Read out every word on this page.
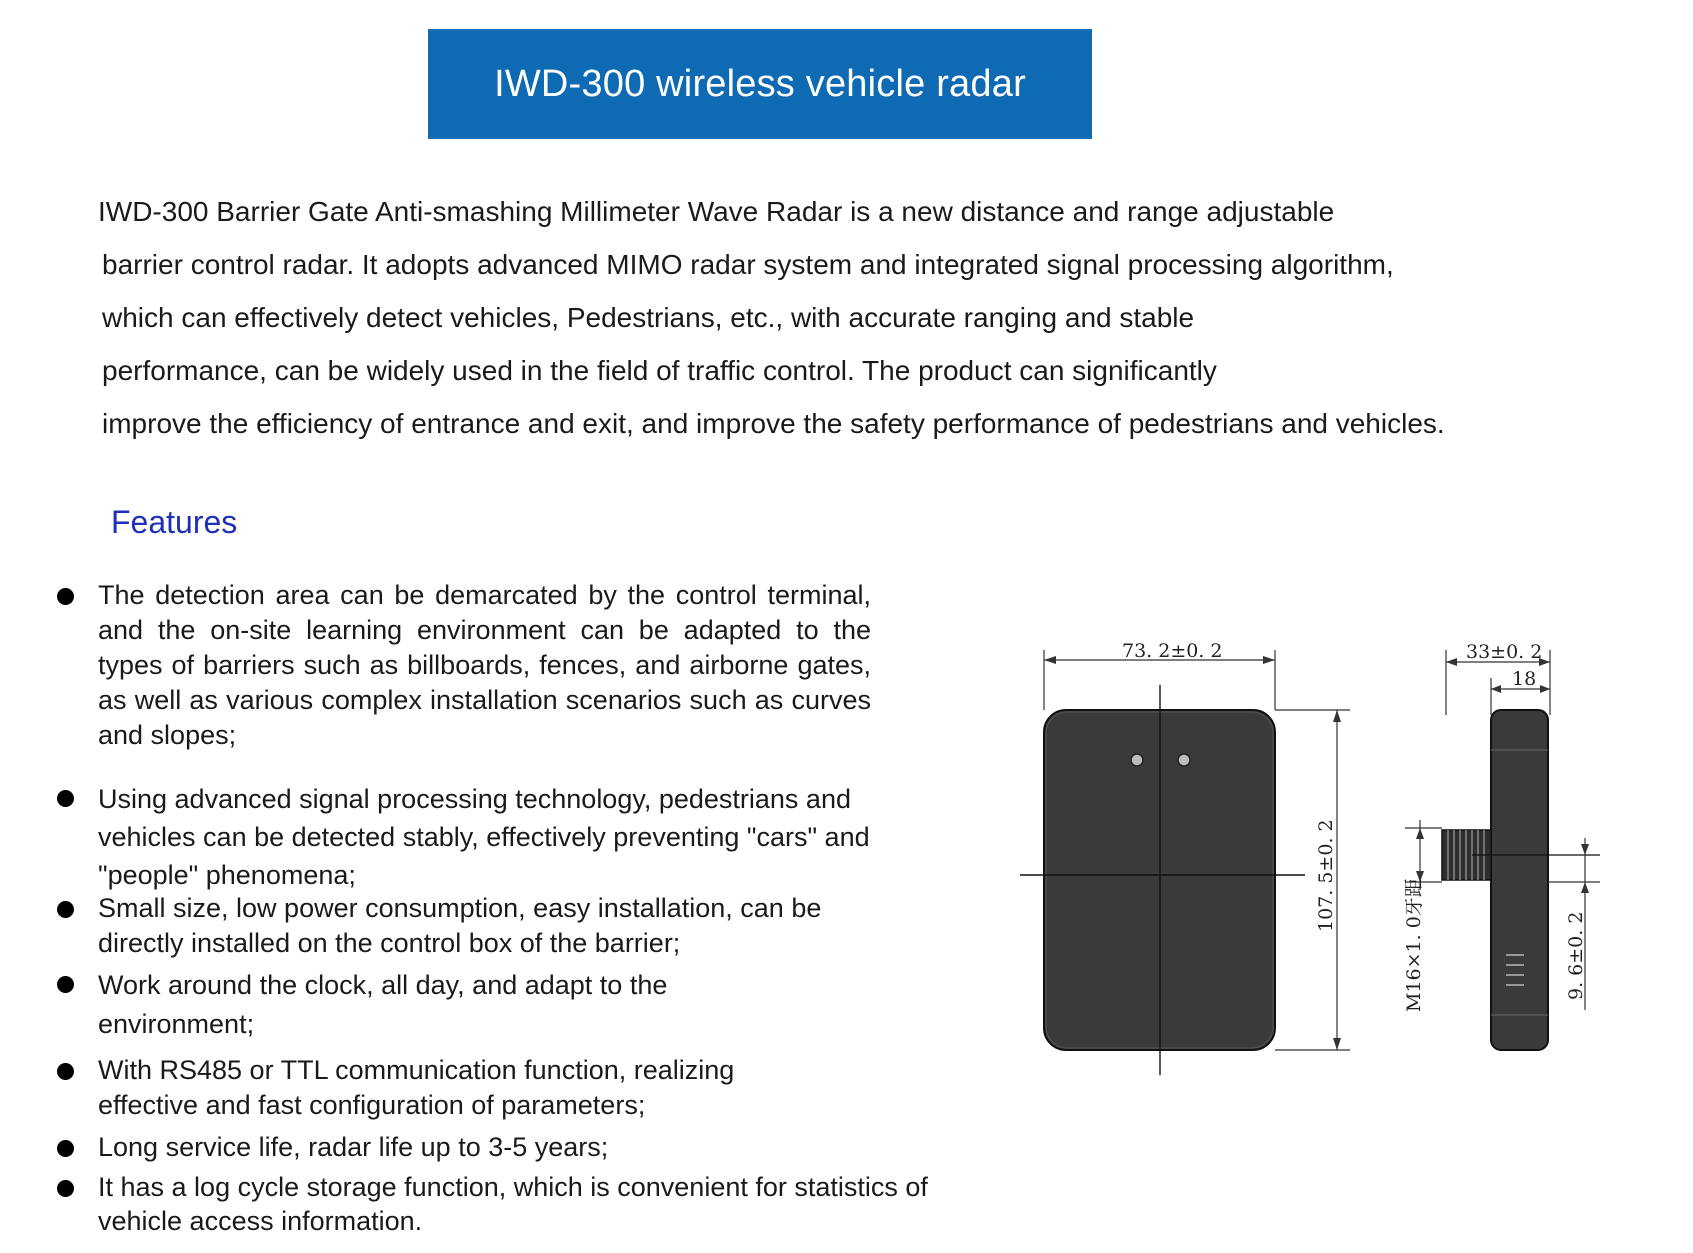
IWD-300 wireless vehicle radar
IWD-300 Barrier Gate Anti-smashing Millimeter Wave Radar is a new distance and range adjustable
barrier control radar. It adopts advanced MIMO radar system and integrated signal processing algorithm,
which can effectively detect vehicles, Pedestrians, etc., with accurate ranging and stable
performance, can be widely used in the field of traffic control. The product can significantly
improve the efficiency of entrance and exit, and improve the safety performance of pedestrians and vehicles.
Features
The detection area can be demarcated by the control terminal, and the on-site learning environment can be adapted to the types of barriers such as billboards, fences, and airborne gates, as well as various complex installation scenarios such as curves and slopes;
Using advanced signal processing technology, pedestrians and vehicles can be detected stably, effectively preventing "cars" and "people" phenomena;
Small size, low power consumption, easy installation, can be directly installed on the control box of the barrier;
Work around the clock, all day, and adapt to the environment;
With RS485 or TTL communication function, realizing effective and fast configuration of parameters;
Long service life, radar life up to 3-5 years;
It has a log cycle storage function, which is convenient for statistics of vehicle access information.
73. 2±0. 2
107. 5±0. 2
33±0. 2
18
M16×1. 0牙距	9. 6±0. 2
